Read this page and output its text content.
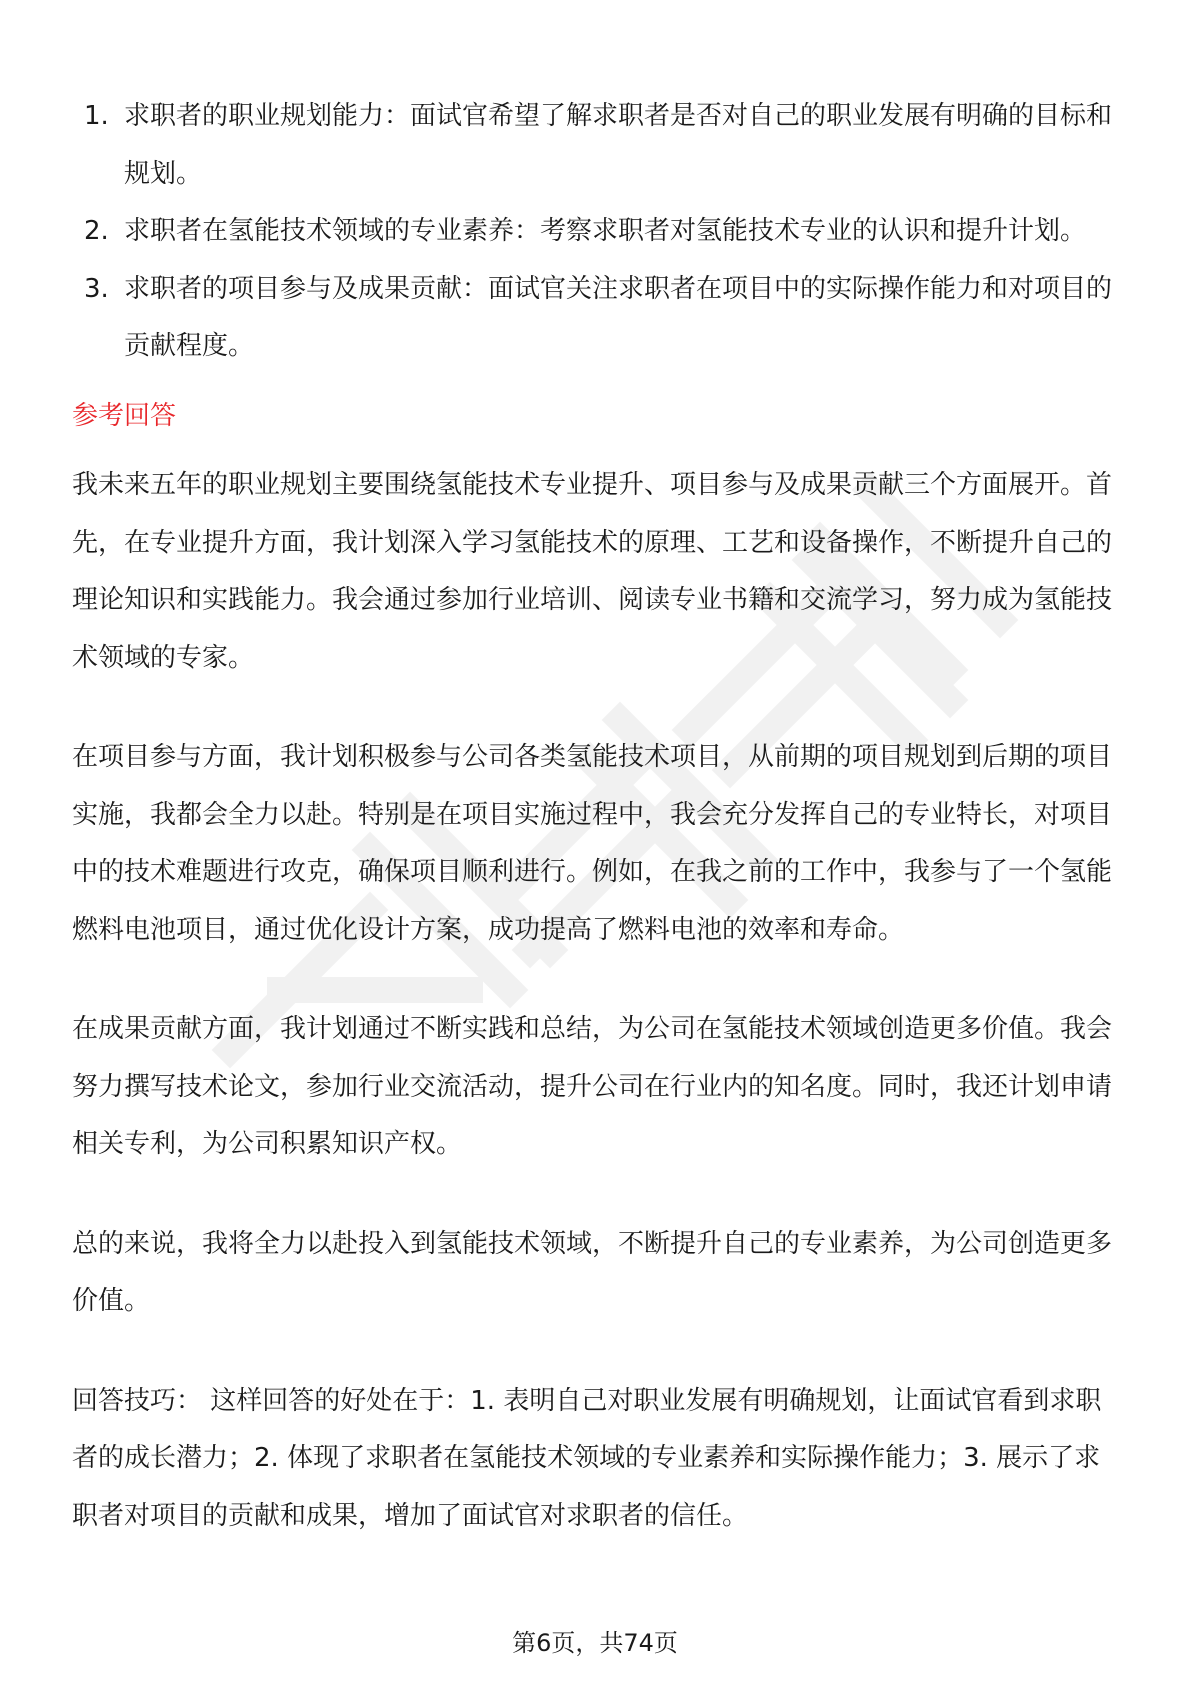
1. 求职者的职业规划能力：面试官希望了解求职者是否对自己的职业发展有明确的目标和规划。
2. 求职者在氢能技术领域的专业素养：考察求职者对氢能技术专业的认识和提升计划。
3. 求职者的项目参与及成果贡献：面试官关注求职者在项目中的实际操作能力和对项目的贡献程度。
参考回答

我未来五年的职业规划主要围绕氢能技术专业提升、项目参与及成果贡献三个方面展开。首先，在专业提升方面，我计划深入学习氢能技术的原理、工艺和设备操作，不断提升自己的理论知识和实践能力。我会通过参加行业培训、阅读专业书籍和交流学习，努力成为氢能技术领域的专家。

在项目参与方面，我计划积极参与公司各类氢能技术项目，从前期的项目规划到后期的项目实施，我都会全力以赴。特别是在项目实施过程中，我会充分发挥自己的专业特长，对项目中的技术难题进行攻克，确保项目顺利进行。例如，在我之前的工作中，我参与了一个氢能燃料电池项目，通过优化设计方案，成功提高了燃料电池的效率和寿命。

在成果贡献方面，我计划通过不断实践和总结，为公司在氢能技术领域创造更多价值。我会努力撰写技术论文，参加行业交流活动，提升公司在行业内的知名度。同时，我还计划申请相关专利，为公司积累知识产权。

总的来说，我将全力以赴投入到氢能技术领域，不断提升自己的专业素养，为公司创造更多价值。

回答技巧： 这样回答的好处在于：1. 表明自己对职业发展有明确规划，让面试官看到求职者的成长潜力；2. 体现了求职者在氢能技术领域的专业素养和实际操作能力；3. 展示了求职者对项目的贡献和成果，增加了面试官对求职者的信任。

第6页，共74页
